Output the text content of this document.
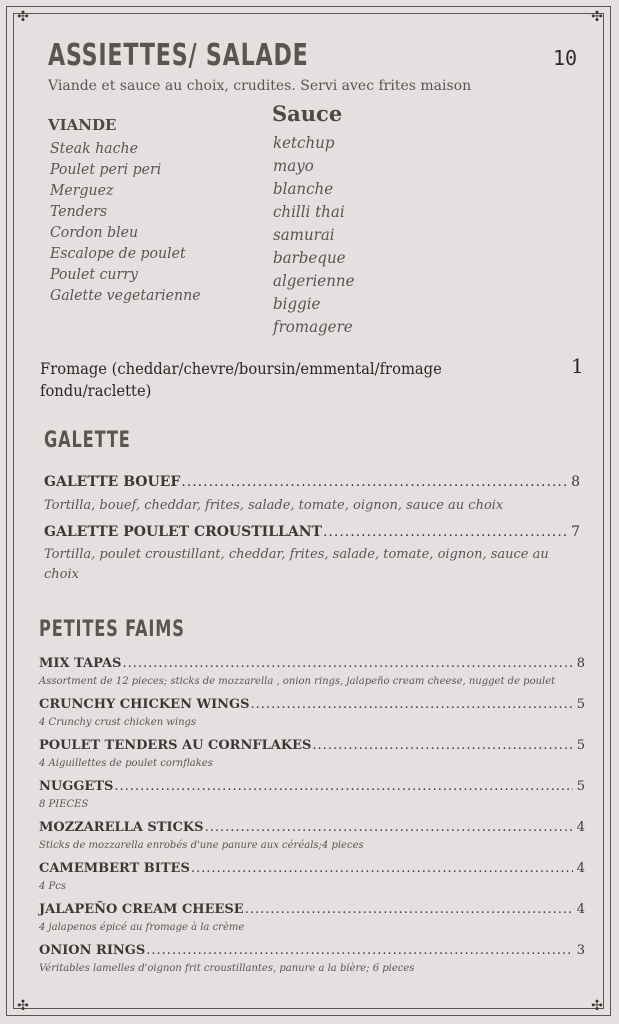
✣	✣
✣	✣
ASSIETTES/ SALADE	10
Viande et sauce au choix, crudites. Servi avec frites maison
VIANDE
Steak hache
Poulet peri peri
Merguez
Tenders
Cordon bleu
Escalope de poulet
Poulet curry
Galette vegetarienne
Sauce
ketchup
mayo
blanche
chilli thai
samurai
barbeque
algerienne
biggie
fromagere
Fromage (cheddar/chevre/boursin/emmental/fromage fondu/raclette)
1
GALETTE
GALETTE BOUEF .....	8
Tortilla, bouef, cheddar, frites, salade, tomate, oignon, sauce au choix
GALETTE POULET CROUSTILLANT .....	7
Tortilla, poulet croustillant, cheddar, frites, salade, tomate, oignon, sauce au choix
PETITES FAIMS
MIX TAPAS .....	8
Assortment de 12 pieces; sticks de mozzarella , onion rings, jalapeño cream cheese, nugget de poulet
CRUNCHY CHICKEN WINGS .....	5
4 Crunchy crust chicken wings
POULET TENDERS AU CORNFLAKES .....	5
4 Aiguillettes de poulet cornflakes
NUGGETS .....	5
8 PIECES
MOZZARELLA STICKS .....	4
Sticks de mozzarella enrobés d'une panure aux céréals;4 pieces
CAMEMBERT BITES .....	4
4 Pcs
JALAPEÑO CREAM CHEESE .....	4
4 jalapenos épicé au fromage à la crème
ONION RINGS .....	3
Véritables lamelles d'oignon frit croustillantes, panure a la bière; 6 pieces
